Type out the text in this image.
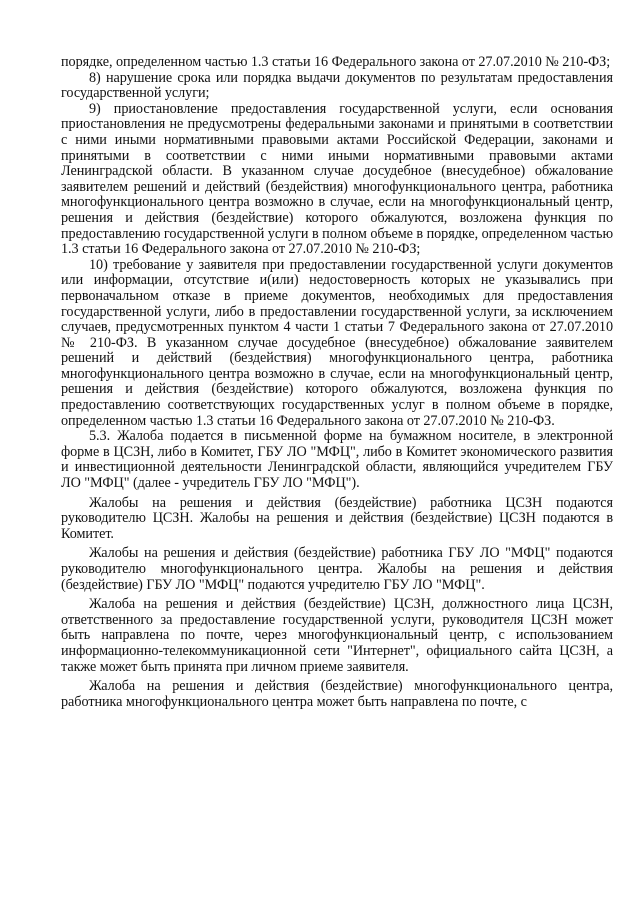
порядке, определенном частью 1.3 статьи 16 Федерального закона от 27.07.2010 № 210-ФЗ;

8) нарушение срока или порядка выдачи документов по результатам предоставления государственной услуги;

9) приостановление предоставления государственной услуги, если основания приостановления не предусмотрены федеральными законами и принятыми в соответствии с ними иными нормативными правовыми актами Российской Федерации, законами и принятыми в соответствии с ними иными нормативными правовыми актами Ленинградской области. В указанном случае досудебное (внесудебное) обжалование заявителем решений и действий (бездействия) многофункционального центра, работника многофункционального центра возможно в случае, если на многофункциональный центр, решения и действия (бездействие) которого обжалуются, возложена функция по предоставлению государственной услуги в полном объеме в порядке, определенном частью 1.3 статьи 16 Федерального закона от 27.07.2010 № 210-ФЗ;

10) требование у заявителя при предоставлении государственной услуги документов или информации, отсутствие и(или) недостоверность которых не указывались при первоначальном отказе в приеме документов, необходимых для предоставления государственной услуги, либо в предоставлении государственной услуги, за исключением случаев, предусмотренных пунктом 4 части 1 статьи 7 Федерального закона от 27.07.2010 № 210-ФЗ. В указанном случае досудебное (внесудебное) обжалование заявителем решений и действий (бездействия) многофункционального центра, работника многофункционального центра возможно в случае, если на многофункциональный центр, решения и действия (бездействие) которого обжалуются, возложена функция по предоставлению соответствующих государственных услуг в полном объеме в порядке, определенном частью 1.3 статьи 16 Федерального закона от 27.07.2010 № 210-ФЗ.

5.3. Жалоба подается в письменной форме на бумажном носителе, в электронной форме в ЦСЗН, либо в Комитет, ГБУ ЛО "МФЦ", либо в Комитет экономического развития и инвестиционной деятельности Ленинградской области, являющийся учредителем ГБУ ЛО "МФЦ" (далее - учредитель ГБУ ЛО "МФЦ").

Жалобы на решения и действия (бездействие) работника ЦСЗН подаются руководителю ЦСЗН. Жалобы на решения и действия (бездействие) ЦСЗН подаются в Комитет.

Жалобы на решения и действия (бездействие) работника ГБУ ЛО "МФЦ" подаются руководителю многофункционального центра. Жалобы на решения и действия (бездействие) ГБУ ЛО "МФЦ" подаются учредителю ГБУ ЛО "МФЦ".

Жалоба на решения и действия (бездействие) ЦСЗН, должностного лица ЦСЗН, ответственного за предоставление государственной услуги, руководителя ЦСЗН может быть направлена по почте, через многофункциональный центр, с использованием информационно-телекоммуникационной сети "Интернет", официального сайта ЦСЗН, а также может быть принята при личном приеме заявителя.

Жалоба на решения и действия (бездействие) многофункционального центра, работника многофункционального центра может быть направлена по почте, с
